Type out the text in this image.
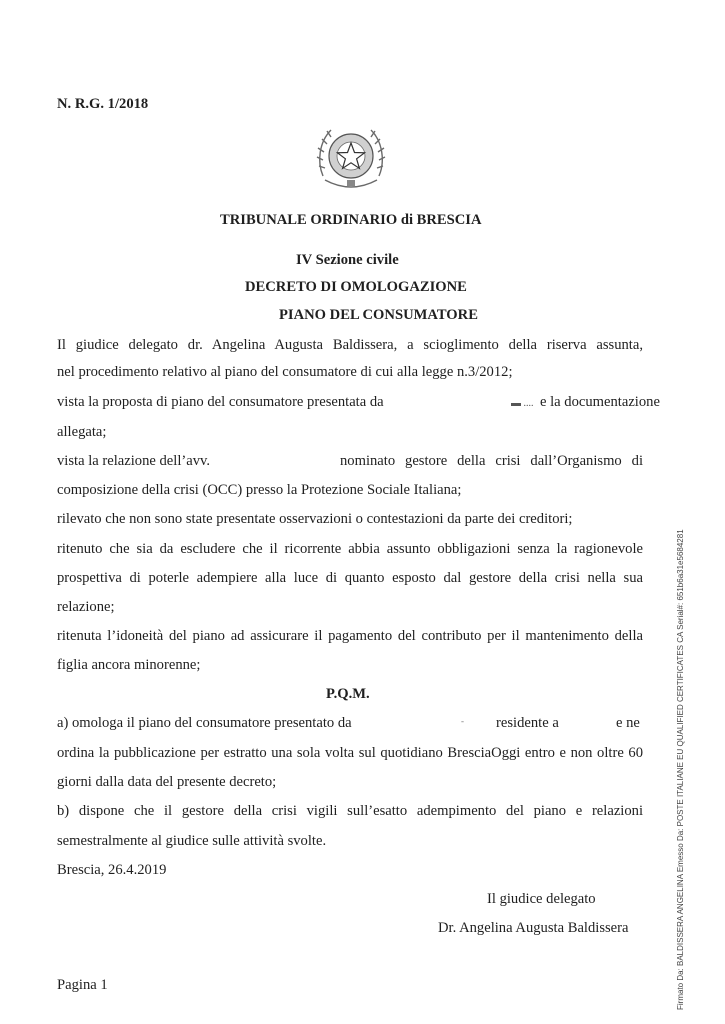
N. R.G. 1/2018
TRIBUNALE ORDINARIO di BRESCIA
IV Sezione civile
DECRETO DI OMOLOGAZIONE
PIANO DEL CONSUMATORE
Il giudice delegato dr. Angelina Augusta Baldissera, a scioglimento della riserva assunta,
nel procedimento relativo al piano del consumatore di cui alla legge n.3/2012;
vista la proposta di piano del consumatore presentata da	▬ .... e la documentazione
allegata;
vista la relazione dell’avv.	nominato gestore della crisi dall’Organismo di
composizione della crisi (OCC) presso la Protezione Sociale Italiana;
rilevato che non sono state presentate osservazioni o contestazioni da parte dei creditori;
ritenuto che sia da escludere che il ricorrente abbia assunto obbligazioni senza la ragionevole
prospettiva di poterle adempiere alla luce di quanto esposto dal gestore della crisi nella sua
relazione;
ritenuta l’idoneità del piano ad assicurare il pagamento del contributo per il mantenimento della
figlia ancora minorenne;
P.Q.M.
a) omologa il piano del consumatore presentato da	- residente a	e ne
ordina la pubblicazione per estratto una sola volta sul quotidiano BresciaOggi entro e non oltre 60
giorni dalla data del presente decreto;
b) dispone che il gestore della crisi vigili sull’esatto adempimento del piano e relazioni
semestralmente al giudice sulle attività svolte.
Brescia, 26.4.2019
Il giudice delegato
Dr. Angelina Augusta Baldissera
Pagina 1	Firmato Da: BALDISSERA ANGELINA Emesso Da: POSTE ITALIANE EU QUALIFIED CERTIFICATES CA Serial#: 651b6a31e5684281
